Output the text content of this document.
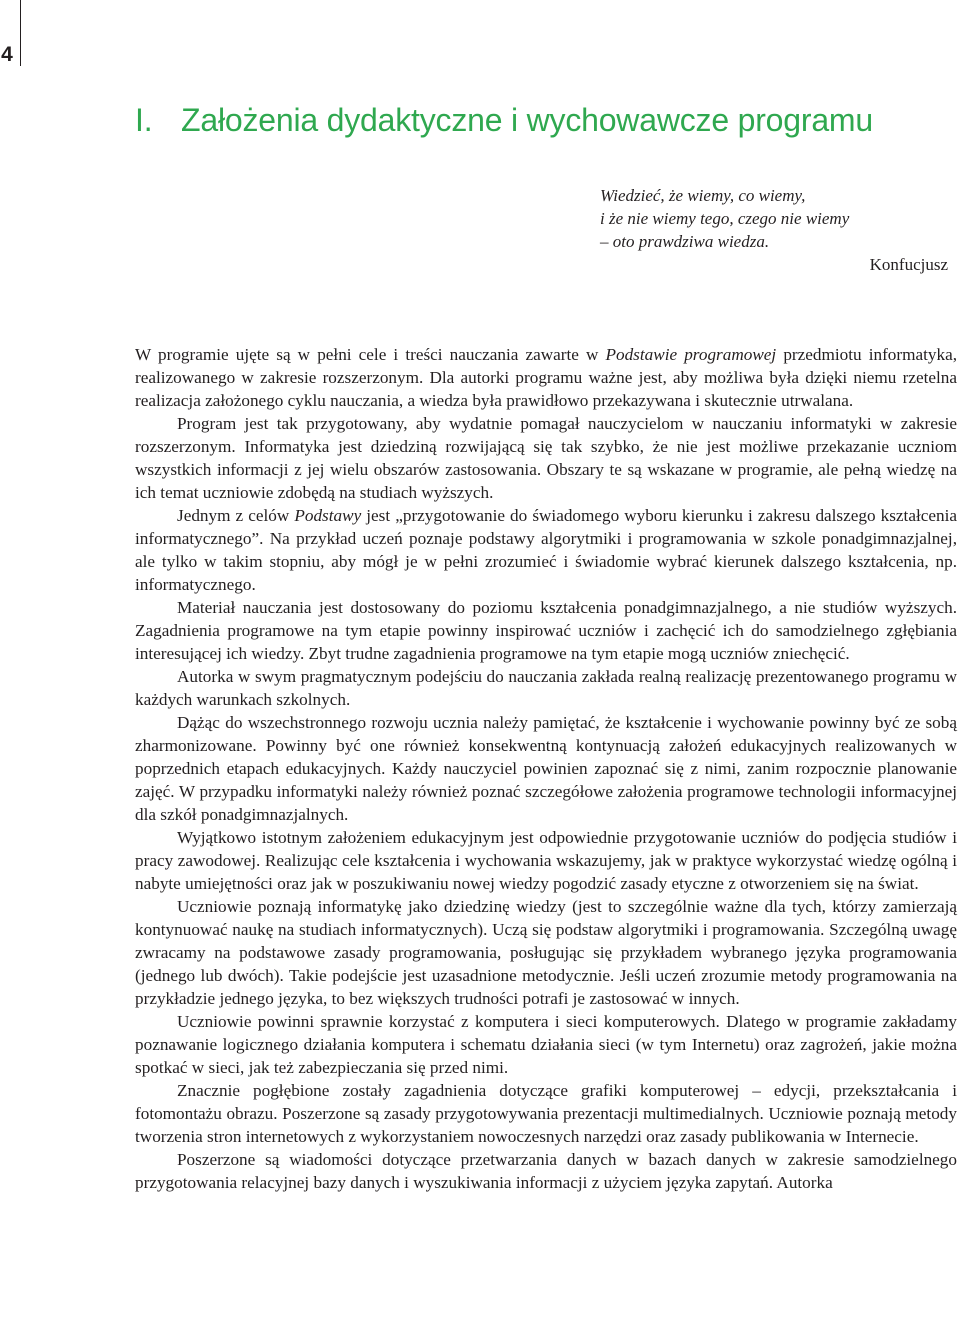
4
I. Założenia dydaktyczne i wychowawcze programu
Wiedzieć, że wiemy, co wiemy,
i że nie wiemy tego, czego nie wiemy
– oto prawdziwa wiedza.
Konfucjusz

W programie ujęte są w pełni cele i treści nauczania zawarte w Podstawie programowej przedmiotu informatyka, realizowanego w zakresie rozszerzonym. Dla autorki programu ważne jest, aby możliwa była dzięki niemu rzetelna realizacja założonego cyklu nauczania, a wiedza była prawidłowo przekazywana i skutecznie utrwalana.

Program jest tak przygotowany, aby wydatnie pomagał nauczycielom w nauczaniu informatyki w zakresie rozszerzonym. Informatyka jest dziedziną rozwijającą się tak szybko, że nie jest możliwe przekazanie uczniom wszystkich informacji z jej wielu obszarów zastosowania. Obszary te są wskazane w programie, ale pełną wiedzę na ich temat uczniowie zdobędą na studiach wyższych.

Jednym z celów Podstawy jest „przygotowanie do świadomego wyboru kierunku i zakresu dalszego kształcenia informatycznego”. Na przykład uczeń poznaje podstawy algorytmiki i programowania w szkole ponadgimnazjalnej, ale tylko w takim stopniu, aby mógł je w pełni zrozumieć i świadomie wybrać kierunek dalszego kształcenia, np. informatycznego.

Materiał nauczania jest dostosowany do poziomu kształcenia ponadgimnazjalnego, a nie studiów wyższych. Zagadnienia programowe na tym etapie powinny inspirować uczniów i zachęcić ich do samodzielnego zgłębiania interesującej ich wiedzy. Zbyt trudne zagadnienia programowe na tym etapie mogą uczniów zniechęcić.

Autorka w swym pragmatycznym podejściu do nauczania zakłada realną realizację prezentowanego programu w każdych warunkach szkolnych.

Dążąc do wszechstronnego rozwoju ucznia należy pamiętać, że kształcenie i wychowanie powinny być ze sobą zharmonizowane. Powinny być one również konsekwentną kontynuacją założeń edukacyjnych realizowanych w poprzednich etapach edukacyjnych. Każdy nauczyciel powinien zapoznać się z nimi, zanim rozpocznie planowanie zajęć. W przypadku informatyki należy również poznać szczegółowe założenia programowe technologii informacyjnej dla szkół ponadgimnazjalnych.

Wyjątkowo istotnym założeniem edukacyjnym jest odpowiednie przygotowanie uczniów do podjęcia studiów i pracy zawodowej. Realizując cele kształcenia i wychowania wskazujemy, jak w praktyce wykorzystać wiedzę ogólną i nabyte umiejętności oraz jak w poszukiwaniu nowej wiedzy pogodzić zasady etyczne z otworzeniem się na świat.

Uczniowie poznają informatykę jako dziedzinę wiedzy (jest to szczególnie ważne dla tych, którzy zamierzają kontynuować naukę na studiach informatycznych). Uczą się podstaw algorytmiki i programowania. Szczególną uwagę zwracamy na podstawowe zasady programowania, posługując się przykładem wybranego języka programowania (jednego lub dwóch). Takie podejście jest uzasadnione metodycznie. Jeśli uczeń zrozumie metody programowania na przykładzie jednego języka, to bez większych trudności potrafi je zastosować w innych.

Uczniowie powinni sprawnie korzystać z komputera i sieci komputerowych. Dlatego w programie zakładamy poznawanie logicznego działania komputera i schematu działania sieci (w tym Internetu) oraz zagrożeń, jakie można spotkać w sieci, jak też zabezpieczania się przed nimi.

Znacznie pogłębione zostały zagadnienia dotyczące grafiki komputerowej – edycji, przekształcania i fotomontażu obrazu. Poszerzone są zasady przygotowywania prezentacji multimedialnych. Uczniowie poznają metody tworzenia stron internetowych z wykorzystaniem nowoczesnych narzędzi oraz zasady publikowania w Internecie.

Poszerzone są wiadomości dotyczące przetwarzania danych w bazach danych w zakresie samodzielnego przygotowania relacyjnej bazy danych i wyszukiwania informacji z użyciem języka zapytań. Autorka
